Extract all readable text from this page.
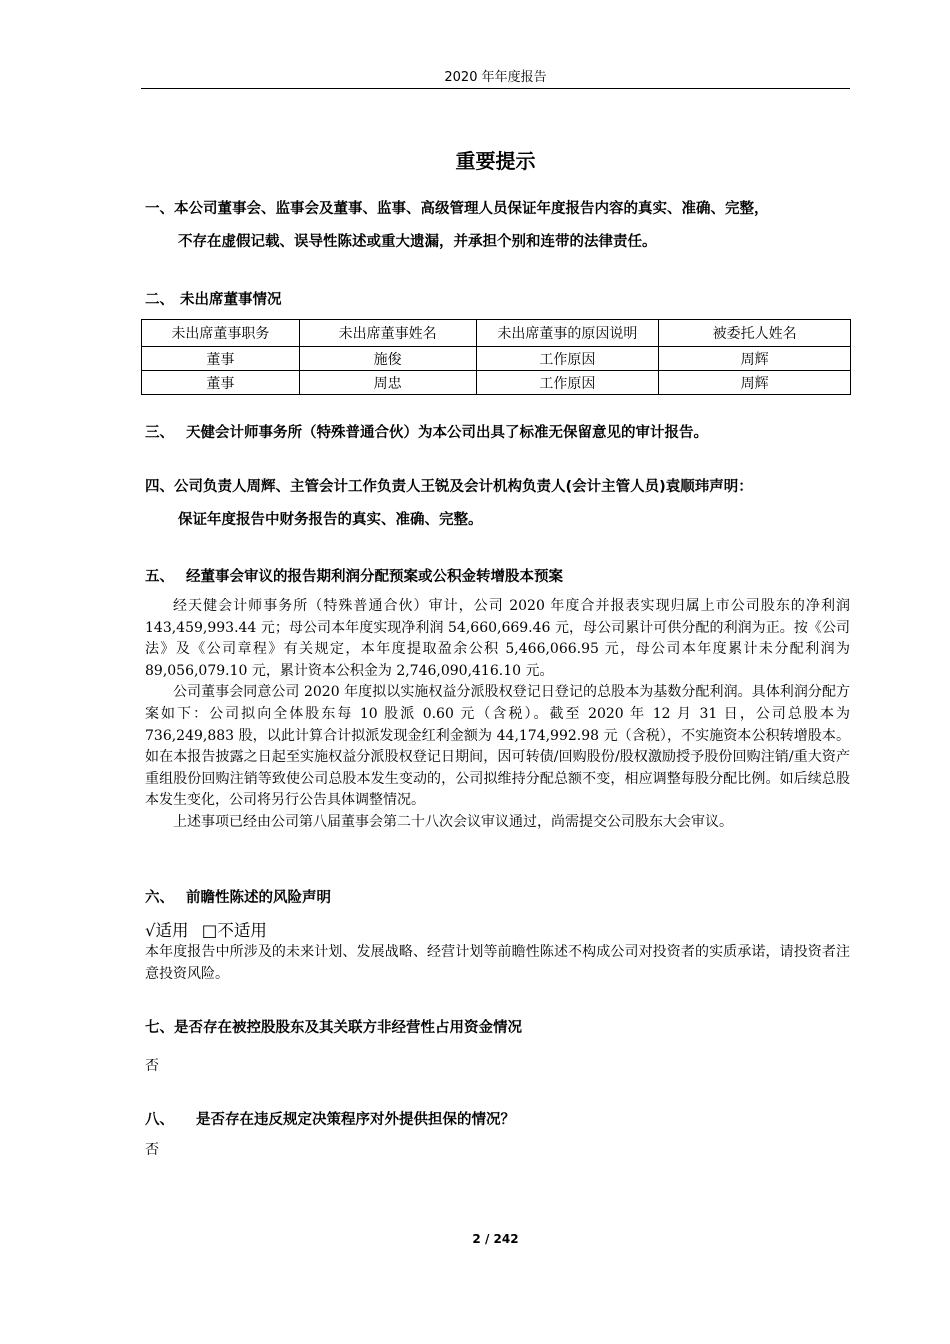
2020 年年度报告
重要提示
一、本公司董事会、监事会及董事、监事、高级管理人员保证年度报告内容的真实、准确、完整，
不存在虚假记载、误导性陈述或重大遗漏，并承担个别和连带的法律责任。
二、 未出席董事情况
未出席董事职务	未出席董事姓名	未出席董事的原因说明	被委托人姓名
董事	施俊	工作原因	周辉
董事	周忠	工作原因	周辉
三、 天健会计师事务所（特殊普通合伙）为本公司出具了标准无保留意见的审计报告。
四、公司负责人周辉、主管会计工作负责人王锐及会计机构负责人(会计主管人员)袁顺玮声明：
保证年度报告中财务报告的真实、准确、完整。
五、 经董事会审议的报告期利润分配预案或公积金转增股本预案

经天健会计师事务所（特殊普通合伙）审计，公司 2020 年度合并报表实现归属上市公司股东的净利润 143,459,993.44 元；母公司本年度实现净利润 54,660,669.46 元，母公司累计可供分配的利润为正。按《公司法》及《公司章程》有关规定，本年度提取盈余公积 5,466,066.95 元，母公司本年度累计未分配利润为 89,056,079.10 元，累计资本公积金为 2,746,090,416.10 元。

公司董事会同意公司 2020 年度拟以实施权益分派股权登记日登记的总股本为基数分配利润。具体利润分配方案如下：公司拟向全体股东每 10 股派 0.60 元（含税）。截至 2020 年 12 月 31 日，公司总股本为 736,249,883 股，以此计算合计拟派发现金红利金额为 44,174,992.98 元（含税），不实施资本公积转增股本。如在本报告披露之日起至实施权益分派股权登记日期间，因可转债/回购股份/股权激励授予股份回购注销/重大资产重组股份回购注销等致使公司总股本发生变动的，公司拟维持分配总额不变，相应调整每股分配比例。如后续总股本发生变化，公司将另行公告具体调整情况。

上述事项已经由公司第八届董事会第二十八次会议审议通过，尚需提交公司股东大会审议。

六、 前瞻性陈述的风险声明
√适用 □不适用
本年度报告中所涉及的未来计划、发展战略、经营计划等前瞻性陈述不构成公司对投资者的实质承诺，请投资者注意投资风险。
七、是否存在被控股股东及其关联方非经营性占用资金情况
否
八、 是否存在违反规定决策程序对外提供担保的情况？
否
2 / 242
